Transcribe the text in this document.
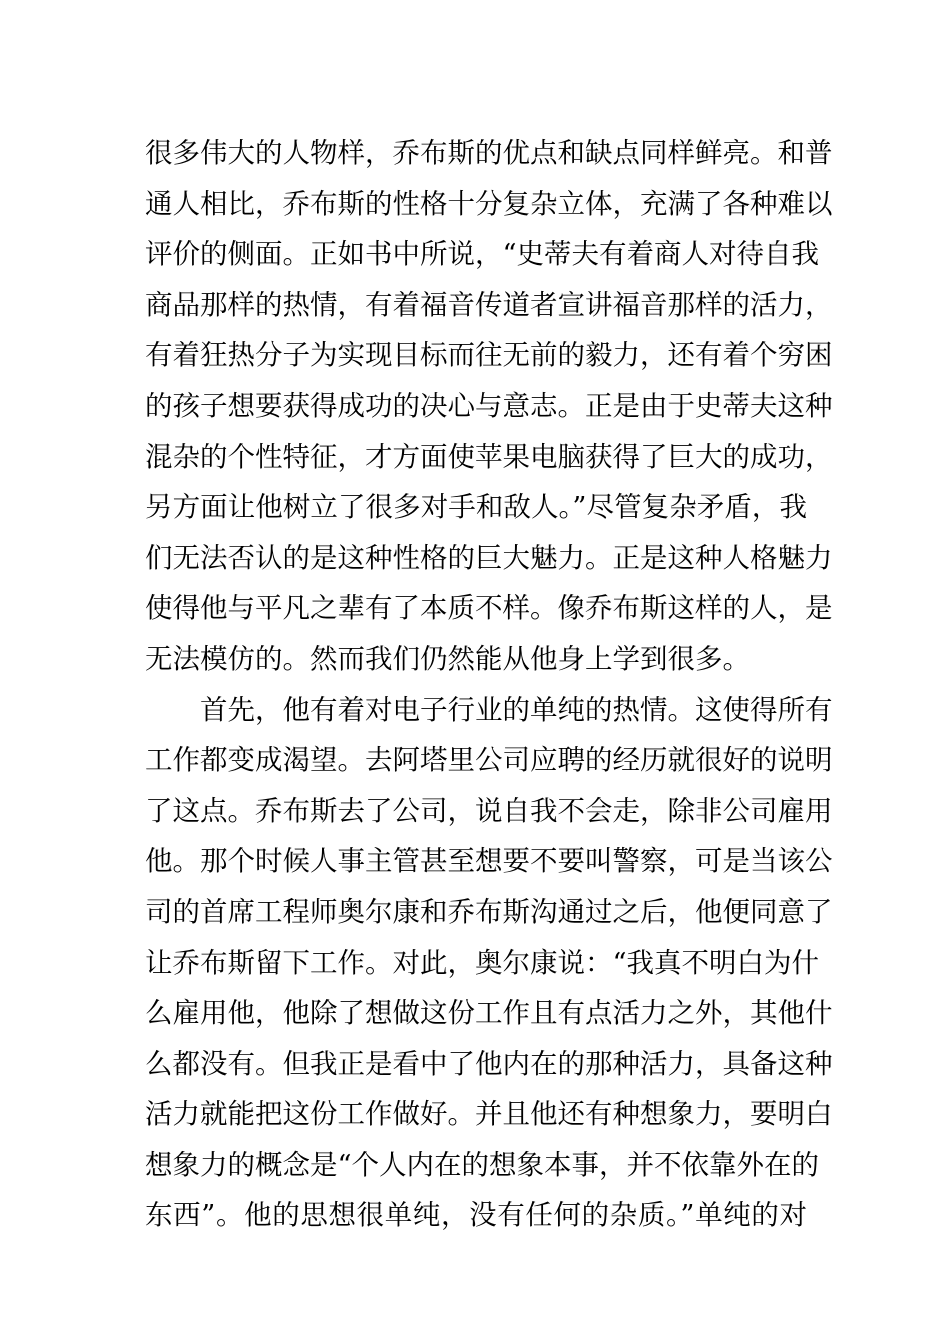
很多伟大的人物样，乔布斯的优点和缺点同样鲜亮。和普
通人相比，乔布斯的性格十分复杂立体，充满了各种难以
评价的侧面。正如书中所说，“史蒂夫有着商人对待自我
商品那样的热情，有着福音传道者宣讲福音那样的活力，
有着狂热分子为实现目标而往无前的毅力，还有着个穷困
的孩子想要获得成功的决心与意志。正是由于史蒂夫这种
混杂的个性特征，才方面使苹果电脑获得了巨大的成功，
另方面让他树立了很多对手和敌人。”尽管复杂矛盾，我
们无法否认的是这种性格的巨大魅力。正是这种人格魅力
使得他与平凡之辈有了本质不样。像乔布斯这样的人，是
无法模仿的。然而我们仍然能从他身上学到很多。
首先，他有着对电子行业的单纯的热情。这使得所有
工作都变成渴望。去阿塔里公司应聘的经历就很好的说明
了这点。乔布斯去了公司，说自我不会走，除非公司雇用
他。那个时候人事主管甚至想要不要叫警察，可是当该公
司的首席工程师奥尔康和乔布斯沟通过之后，他便同意了
让乔布斯留下工作。对此，奥尔康说：“我真不明白为什
么雇用他，他除了想做这份工作且有点活力之外，其他什
么都没有。但我正是看中了他内在的那种活力，具备这种
活力就能把这份工作做好。并且他还有种想象力，要明白
想象力的概念是“个人内在的想象本事，并不依靠外在的
东西”。他的思想很单纯，没有任何的杂质。”单纯的对
